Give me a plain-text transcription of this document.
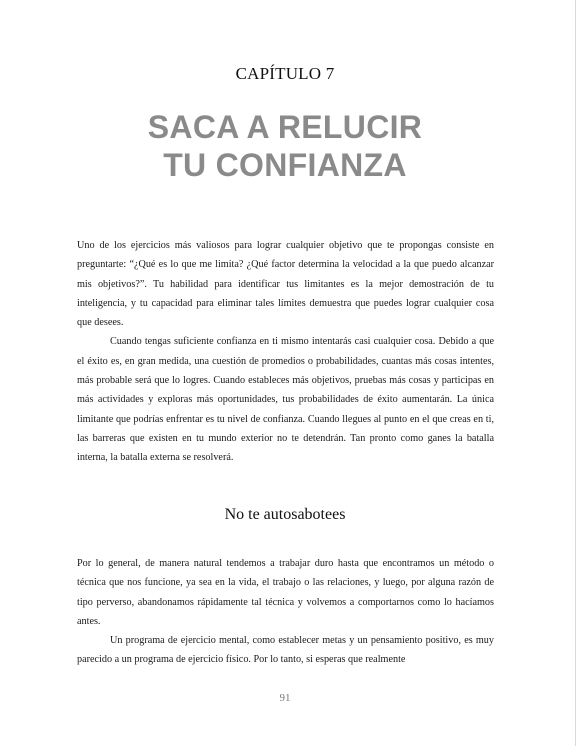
CAPÍTULO 7
SACA A RELUCIR
TU CONFIANZA

Uno de los ejercicios más valiosos para lograr cualquier objetivo que te propongas consiste en preguntarte: “¿Qué es lo que me limita? ¿Qué factor determina la velocidad a la que puedo alcanzar mis objetivos?”. Tu habilidad para identificar tus limitantes es la mejor demostración de tu inteligencia, y tu capacidad para eliminar tales límites demuestra que puedes lograr cualquier cosa que desees.

Cuando tengas suficiente confianza en ti mismo intentarás casi cualquier cosa. Debido a que el éxito es, en gran medida, una cuestión de promedios o probabilidades, cuantas más cosas intentes, más probable será que lo logres. Cuando estableces más objetivos, pruebas más cosas y participas en más actividades y exploras más oportunidades, tus probabilidades de éxito aumentarán. La única limitante que podrías enfrentar es tu nivel de confianza. Cuando llegues al punto en el que creas en ti, las barreras que existen en tu mundo exterior no te detendrán. Tan pronto como ganes la batalla interna, la batalla externa se resolverá.

No te autosabotees

Por lo general, de manera natural tendemos a trabajar duro hasta que encontramos un método o técnica que nos funcione, ya sea en la vida, el trabajo o las relaciones, y luego, por alguna razón de tipo perverso, abandonamos rápidamente tal técnica y volvemos a comportarnos como lo hacíamos antes.

Un programa de ejercicio mental, como establecer metas y un pensamiento positivo, es muy parecido a un programa de ejercicio físico. Por lo tanto, si esperas que realmente

91
